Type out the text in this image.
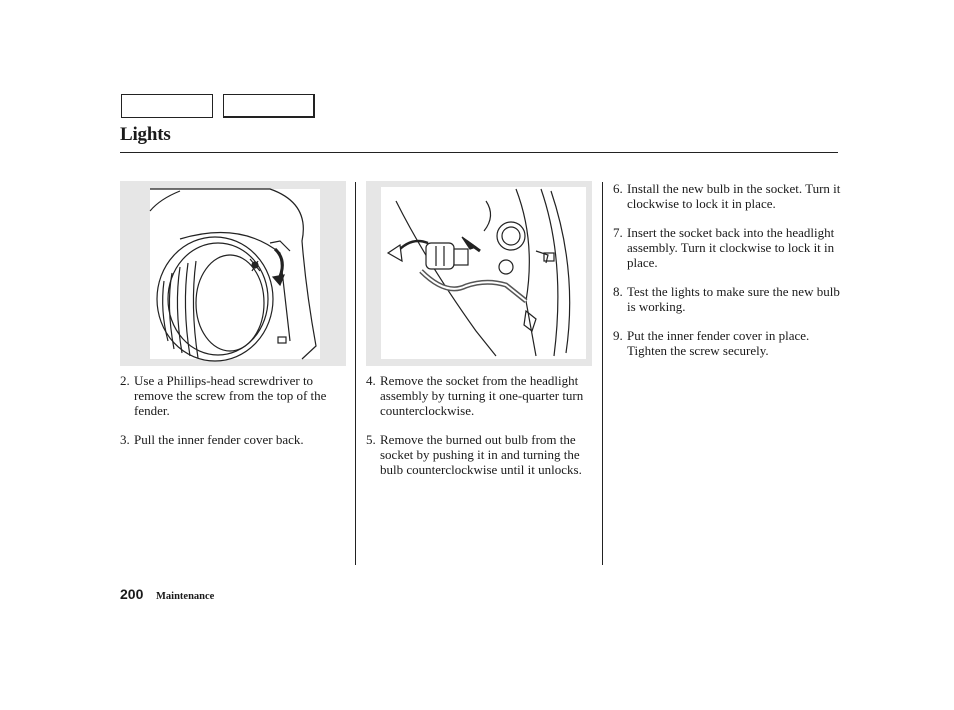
Lights
2. Use a Phillips-head screwdriver to remove the screw from the top of the fender.
3. Pull the inner fender cover back.
4. Remove the socket from the headlight assembly by turning it one-quarter turn counterclockwise.
5. Remove the burned out bulb from the socket by pushing it in and turning the bulb counterclockwise until it unlocks.
6. Install the new bulb in the socket. Turn it clockwise to lock it in place.
7. Insert the socket back into the headlight assembly. Turn it clockwise to lock it in place.
8. Test the lights to make sure the new bulb is working.
9. Put the inner fender cover in place. Tighten the screw securely.
200 Maintenance
